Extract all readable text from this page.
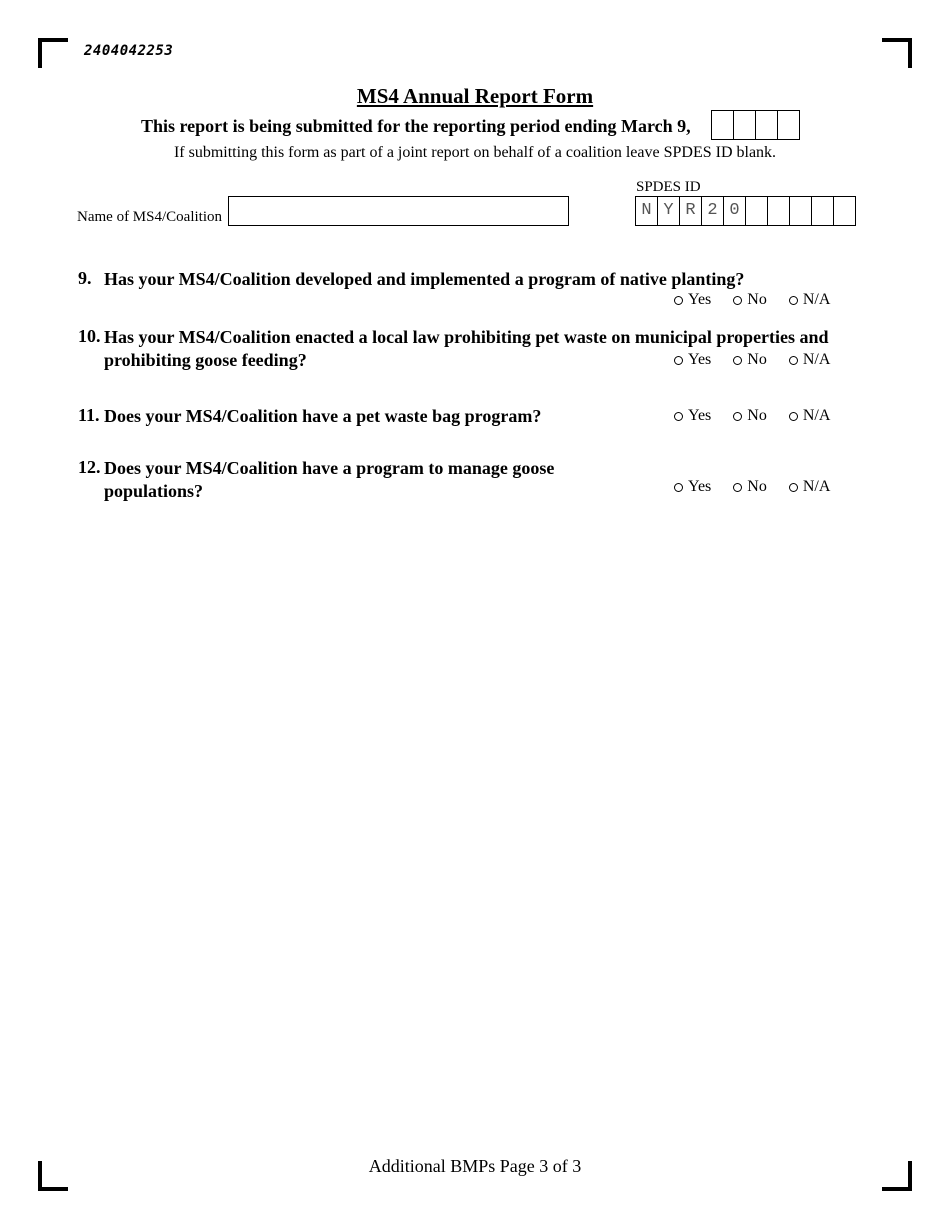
2404042253
MS4 Annual Report Form
This report is being submitted for the reporting period ending March 9,
If submitting this form as part of a joint report on behalf of a coalition leave SPDES ID blank.
SPDES ID
N Y R 2 0
Name of MS4/Coalition
9. Has your MS4/Coalition developed and implemented a program of native planting?
Yes No N/A
10. Has your MS4/Coalition enacted a local law prohibiting pet waste on municipal properties and
prohibiting goose feeding?	Yes No N/A
11. Does your MS4/Coalition have a pet waste bag program?	Yes No N/A
12. Does your MS4/Coalition have a program to manage goose
populations?	Yes No N/A
Additional BMPs Page 3 of 3
